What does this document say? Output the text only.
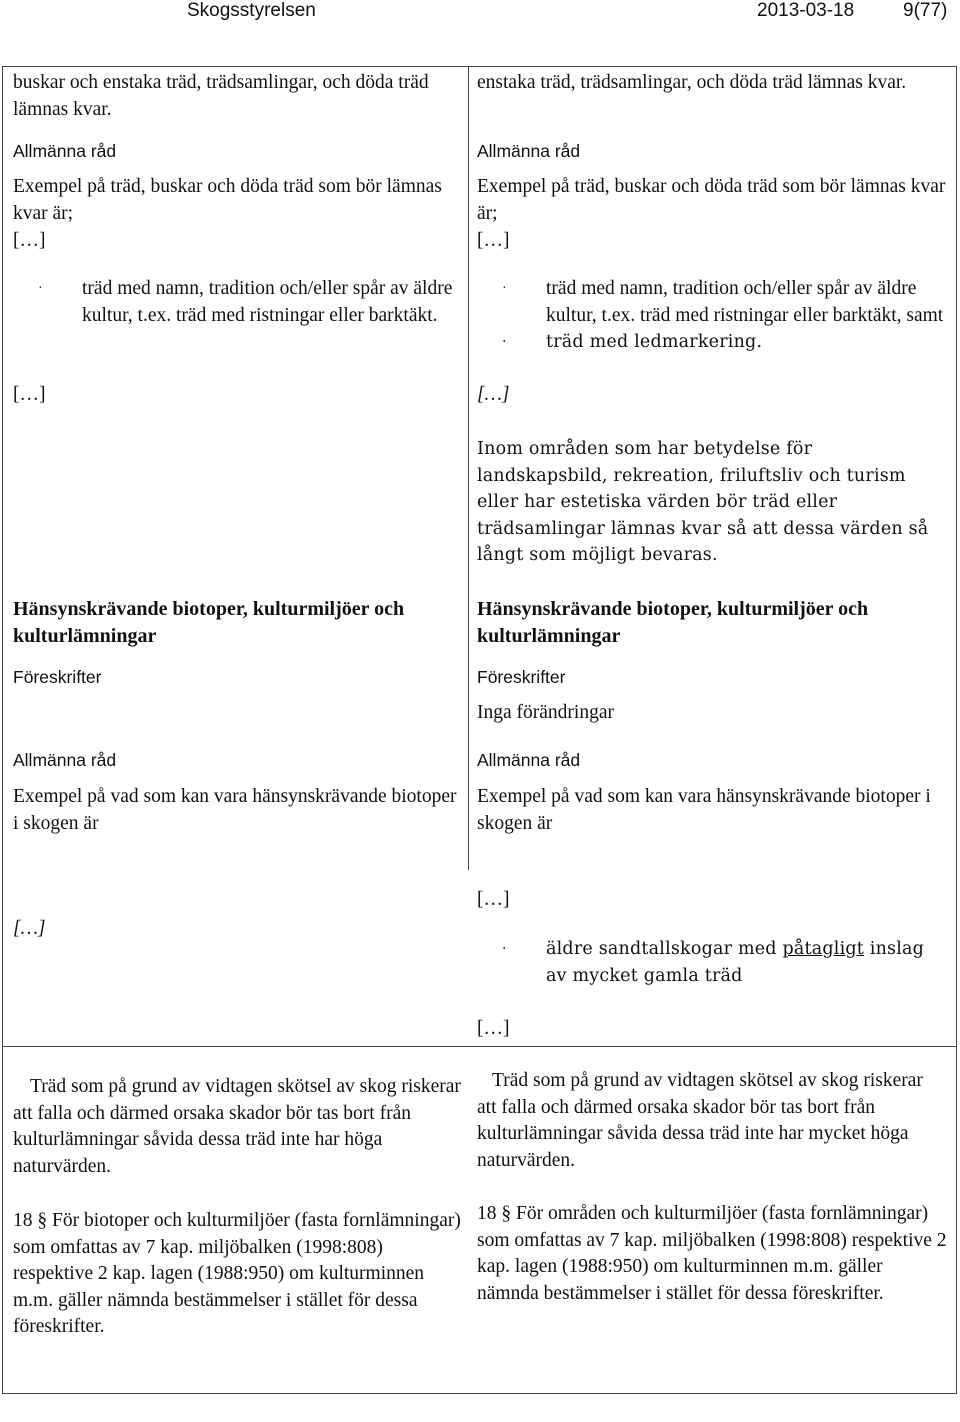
Skogsstyrelsen	2013-03-18	9(77)

buskar och enstaka träd, trädsamlingar, och döda träd lämnas kvar.

Allmänna råd

Exempel på träd, buskar och döda träd som bör lämnas kvar är;

[…]

· träd med namn, tradition och/eller spår av äldre kultur, t.ex. träd med ristningar eller barktäkt.

[…]

Hänsynskrävande biotoper, kulturmiljöer och kulturlämningar

Föreskrifter

Allmänna råd

Exempel på vad som kan vara hänsynskrävande biotoper i skogen är

[…]

Träd som på grund av vidtagen skötsel av skog riskerar att falla och därmed orsaka skador bör tas bort från kulturlämningar såvida dessa träd inte har höga naturvärden.

18 § För biotoper och kulturmiljöer (fasta fornlämningar) som omfattas av 7 kap. miljöbalken (1998:808) respektive 2 kap. lagen (1988:950) om kulturminnen m.m. gäller nämnda bestämmelser i stället för dessa föreskrifter.

enstaka träd, trädsamlingar, och döda träd lämnas kvar.

Allmänna råd

Exempel på träd, buskar och döda träd som bör lämnas kvar är;

[…]

· träd med namn, tradition och/eller spår av äldre kultur, t.ex. träd med ristningar eller barktäkt, samt
· träd med ledmarkering.

[…]

Inom områden som har betydelse för landskapsbild, rekreation, friluftsliv och turism eller har estetiska värden bör träd eller trädsamlingar lämnas kvar så att dessa värden så långt som möjligt bevaras.

Hänsynskrävande biotoper, kulturmiljöer och kulturlämningar

Föreskrifter

Inga förändringar

Allmänna råd

Exempel på vad som kan vara hänsynskrävande biotoper i skogen är

[…]

· äldre sandtallskogar med påtagligt inslag av mycket gamla träd

[…]

Träd som på grund av vidtagen skötsel av skog riskerar att falla och därmed orsaka skador bör tas bort från kulturlämningar såvida dessa träd inte har mycket höga naturvärden.

18 § För områden och kulturmiljöer (fasta fornlämningar) som omfattas av 7 kap. miljöbalken (1998:808) respektive 2 kap. lagen (1988:950) om kulturminnen m.m. gäller nämnda bestämmelser i stället för dessa föreskrifter.
